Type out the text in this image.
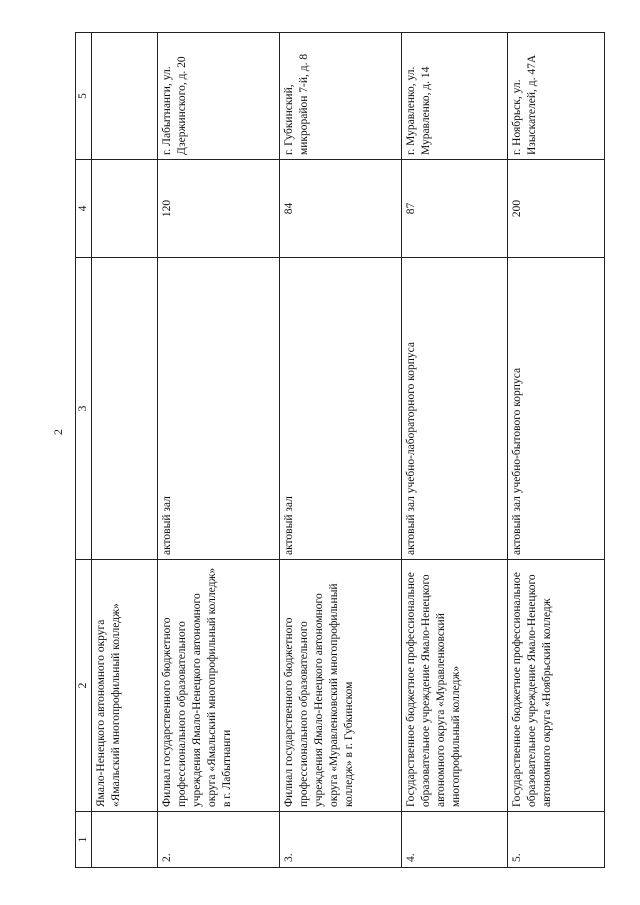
2
1	2	3	4	5
	Ямало-Ненецкого автономного округа «Ямальский многопрофильный колледж»			
2.	Филиал государственного бюджетного профессионального образовательного учреждения Ямало-Ненецкого автономного округа «Ямальский многопрофильный колледж» в г. Лабытнанги	актовый зал	120	г. Лабытнанги, ул. Дзержинского, д. 20
3.	Филиал государственного бюджетного профессионального образовательного учреждения Ямало-Ненецкого автономного округа «Муравленковский многопрофильный колледж» в г. Губкинском	актовый зал	84	г. Губкинский, микрорайон 7-й, д. 8
4.	Государственное бюджетное профессиональное образовательное учреждение Ямало-Ненецкого автономного округа «Муравленковский многопрофильный колледж»	актовый зал учебно-лабораторного корпуса	87	г. Муравленко, ул. Муравленко, д. 14
5.	Государственное бюджетное профессиональное образовательное учреждение Ямало-Ненецкого автономного округа «Ноябрьский колледж	актовый зал учебно-бытового корпуса	200	г. Ноябрьск, ул. Изыскателей, д. 47А
